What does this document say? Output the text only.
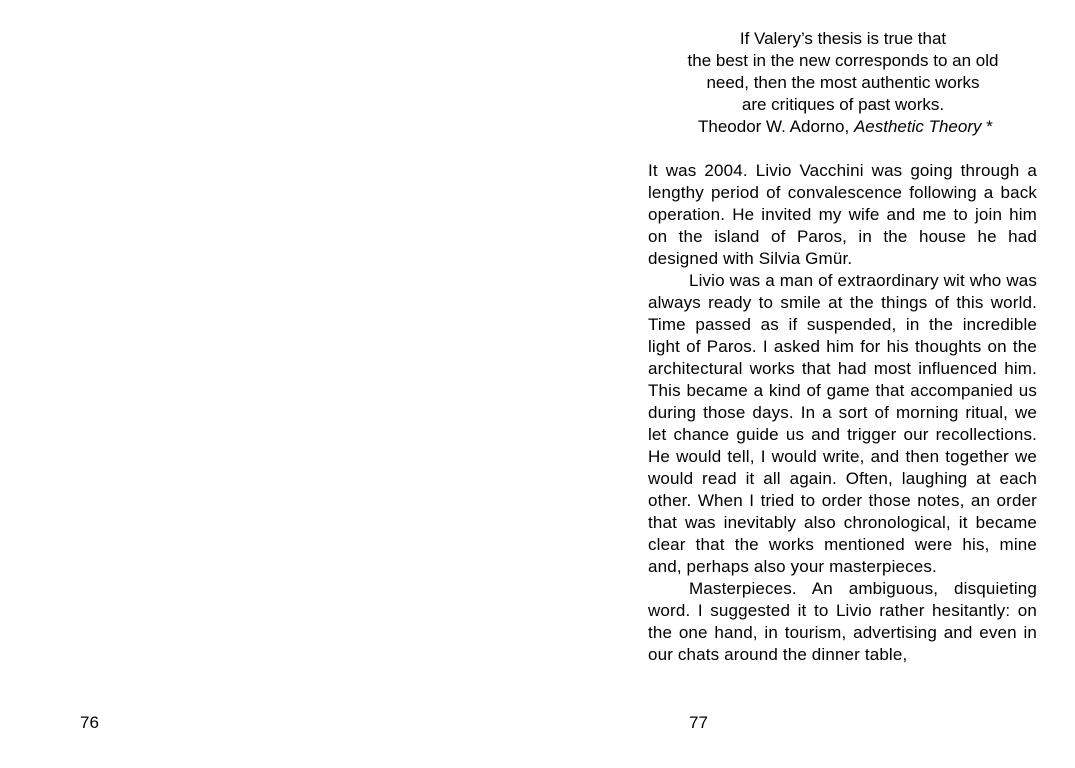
76
If Valery’s thesis is true that
the best in the new corresponds to an old
need, then the most authentic works
are critiques of past works.
Theodor W. Adorno, Aesthetic Theory *

It was 2004. Livio Vacchini was going through a lengthy period of convalescence following a back operation. He invited my wife and me to join him on the island of Paros, in the house he had designed with Silvia Gmür.

Livio was a man of extraordinary wit who was always ready to smile at the things of this world. Time passed as if suspended, in the incredible light of Paros. I asked him for his thoughts on the architectural works that had most influenced him. This became a kind of game that accompanied us during those days. In a sort of morning ritual, we let chance guide us and trigger our recollections. He would tell, I would write, and then together we would read it all again. Often, laughing at each other. When I tried to order those notes, an order that was inevitably also chronological, it became clear that the works mentioned were his, mine and, perhaps also your masterpieces.

Masterpieces. An ambiguous, disquieting word. I suggested it to Livio rather hesitantly: on the one hand, in tourism, advertising and even in our chats around the dinner table,

77
